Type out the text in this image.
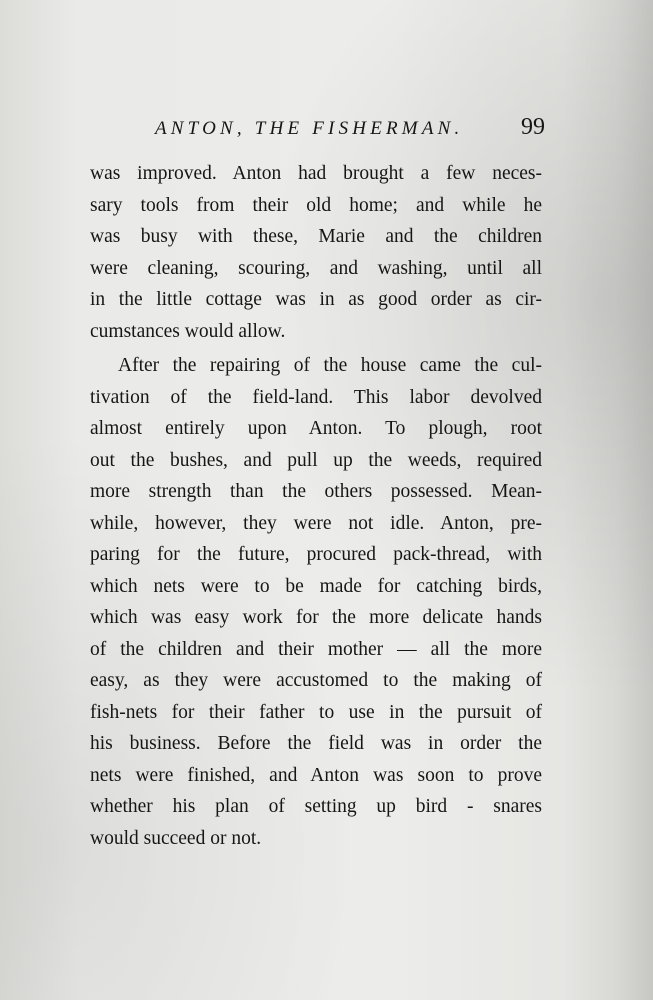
ANTON, THE FISHERMAN. 99
was improved. Anton had brought a few neces-
sary tools from their old home; and while he
was busy with these, Marie and the children
were cleaning, scouring, and washing, until all
in the little cottage was in as good order as cir-
cumstances would allow.
After the repairing of the house came the cul-
tivation of the field-land. This labor devolved
almost entirely upon Anton. To plough, root
out the bushes, and pull up the weeds, required
more strength than the others possessed. Mean-
while, however, they were not idle. Anton, pre-
paring for the future, procured pack-thread, with
which nets were to be made for catching birds,
which was easy work for the more delicate hands
of the children and their mother — all the more
easy, as they were accustomed to the making of
fish-nets for their father to use in the pursuit of
his business. Before the field was in order the
nets were finished, and Anton was soon to prove
whether his plan of setting up bird - snares
would succeed or not.
